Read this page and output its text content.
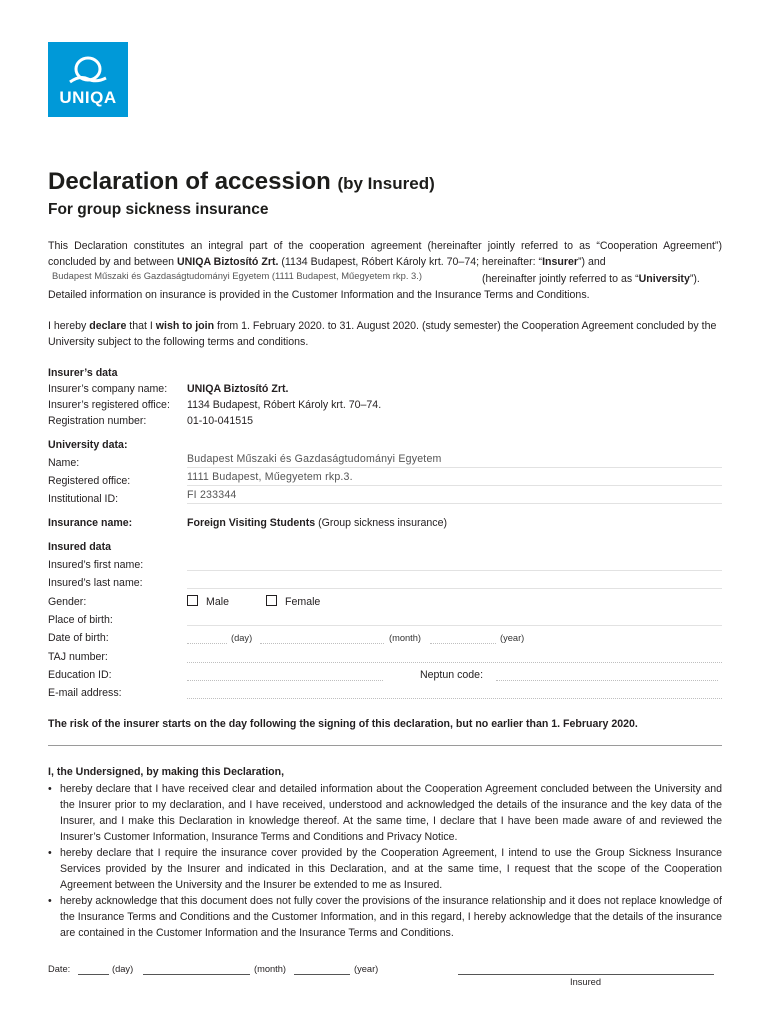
UNIQA
Declaration of accession (by Insured)
For group sickness insurance
This Declaration constitutes an integral part of the cooperation agreement (hereinafter jointly referred to as “Cooperation Agreement”) concluded by and between UNIQA Biztosító Zrt. (1134 Budapest, Róbert Károly krt. 70–74; hereinafter: “Insurer”) and
Budapest Műszaki és Gazdaságtudományi Egyetem (1111 Budapest, Műegyetem rkp. 3.)	(hereinafter jointly referred to as “University”).
Detailed information on insurance is provided in the Customer Information and the Insurance Terms and Conditions.
I hereby declare that I wish to join from 1. February 2020. to 31. August 2020. (study semester) the Cooperation Agreement concluded by the University subject to the following terms and conditions.
Insurer’s data
Insurer’s company name: UNIQA Biztosító Zrt.
Insurer’s registered office: 1134 Budapest, Róbert Károly krt. 70–74.
Registration number:	01-10-041515
University data:
Name:	Budapest Műszaki és Gazdaságtudományi Egyetem
Registered office:	1111 Budapest, Műegyetem rkp.3.
Institutional ID:	FI 233344
Insurance name:	Foreign Visiting Students (Group sickness insurance)
Insured data
Insured’s first name:
Insured’s last name:
Gender:	Male	Female
Place of birth:
Date of birth:	(day)	(month)	(year)
TAJ number:
Education ID:	Neptun code:
E-mail address:
The risk of the insurer starts on the day following the signing of this declaration, but no earlier than 1. February 2020.
I, the Undersigned, by making this Declaration,
• hereby declare that I have received clear and detailed information about the Cooperation Agreement concluded between the University and the Insurer prior to my declaration, and I have received, understood and acknowledged the details of the insurance and the key data of the Insurer, and I make this Declaration in knowledge thereof. At the same time, I declare that I have been made aware of and reviewed the Insurer’s Customer Information, Insurance Terms and Conditions and Privacy Notice.
• hereby declare that I require the insurance cover provided by the Cooperation Agreement, I intend to use the Group Sickness Insurance Services provided by the Insurer and indicated in this Declaration, and at the same time, I request that the scope of the Cooperation Agreement between the University and the Insurer be extended to me as Insured.
• hereby acknowledge that this document does not fully cover the provisions of the insurance relationship and it does not replace knowledge of the Insurance Terms and Conditions and the Customer Information, and in this regard, I hereby acknowledge that the details of the insurance are contained in the Customer Information and the Insurance Terms and Conditions.
Date:	(day)	(month)	(year)
Insured
